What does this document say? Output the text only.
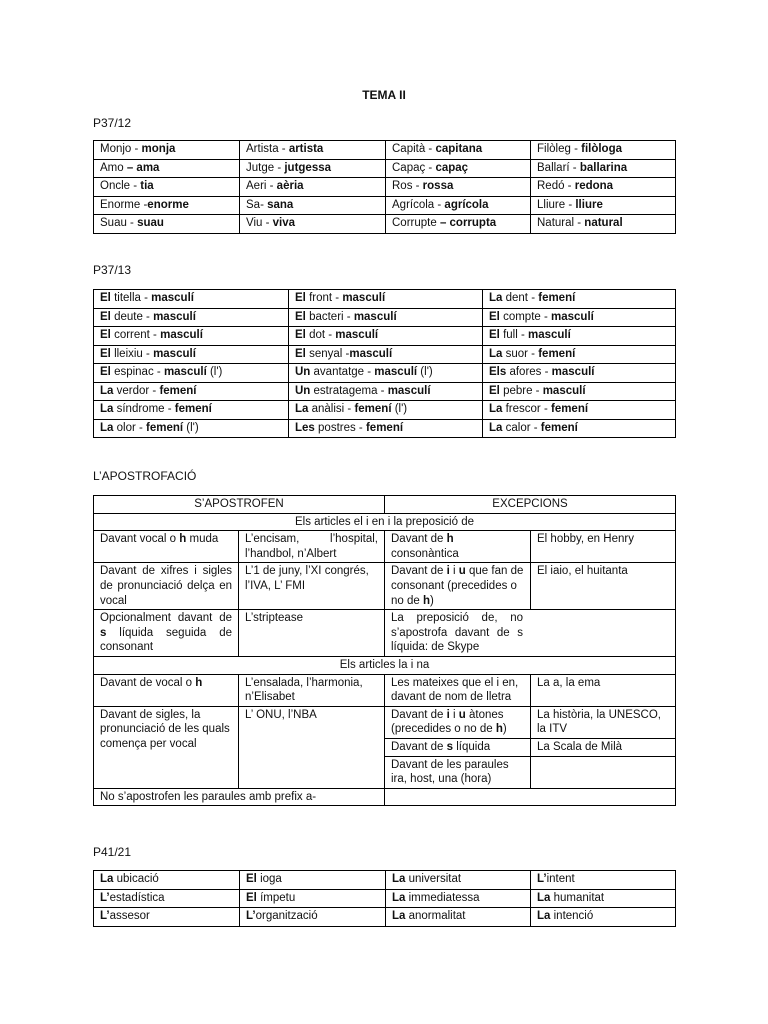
TEMA II
P37/12
Monjo - monja	Artista - artista	Capità - capitana	Filòleg - filòloga
Amo – ama	Jutge - jutgessa	Capaç - capaç	Ballarí - ballarina
Oncle - tia	Aeri - aèria	Ros - rossa	Redó - redona
Enorme -enorme	Sa- sana	Agrícola - agrícola	Lliure - lliure
Suau - suau	Viu - viva	Corrupte – corrupta	Natural - natural
P37/13
El titella - masculí	El front - masculí	La dent - femení
El deute - masculí	El bacteri - masculí	El compte - masculí
El corrent - masculí	El dot - masculí	El full - masculí
El lleixiu - masculí	El senyal -masculí	La suor - femení
El espinac - masculí (l')	Un avantatge - masculí (l')	Els afores - masculí
La verdor - femení	Un estratagema - masculí	El pebre - masculí
La síndrome - femení	La anàlisi - femení (l')	La frescor - femení
La olor - femení (l')	Les postres - femení	La calor - femení
L’APOSTROFACIÓ
S’APOSTROFEN		EXCEPCIONS	
Els articles el i en i la preposició de			
Davant vocal o h muda	L’encisam, l’hospital, l’handbol, n’Albert	Davant de h consonàntica	El hobby, en Henry
Davant de xifres i sigles de pronunciació delça en vocal	L’1 de juny, l’XI congrés, l’IVA, L’ FMI	Davant de i i u que fan de consonant (precedides o no de h)	El iaio, el huitanta
Opcionalment davant de s líquida seguida de consonant	L’striptease	La preposició de, no s’apostrofa davant de s líquida: de Skype	
Els articles la i na			
Davant de vocal o h	L’ensalada, l’harmonia, n’Elisabet	Les mateixes que el i en, davant de nom de lletra	La a, la ema
Davant de sigles, la pronunciació de les quals comença per vocal	L’ ONU, l’NBA	Davant de i i u àtones (precedides o no de h)	La història, la UNESCO, la ITV
		Davant de s líquida	La Scala de Milà
		Davant de les paraules ira, host, una (hora)	
No s’apostrofen les paraules amb prefix a-			
P41/21
La ubicació	El ioga	La universitat	L’intent
L’estadística	El ímpetu	La immediatessa	La humanitat
L’assesor	L’organització	La anormalitat	La intenció
